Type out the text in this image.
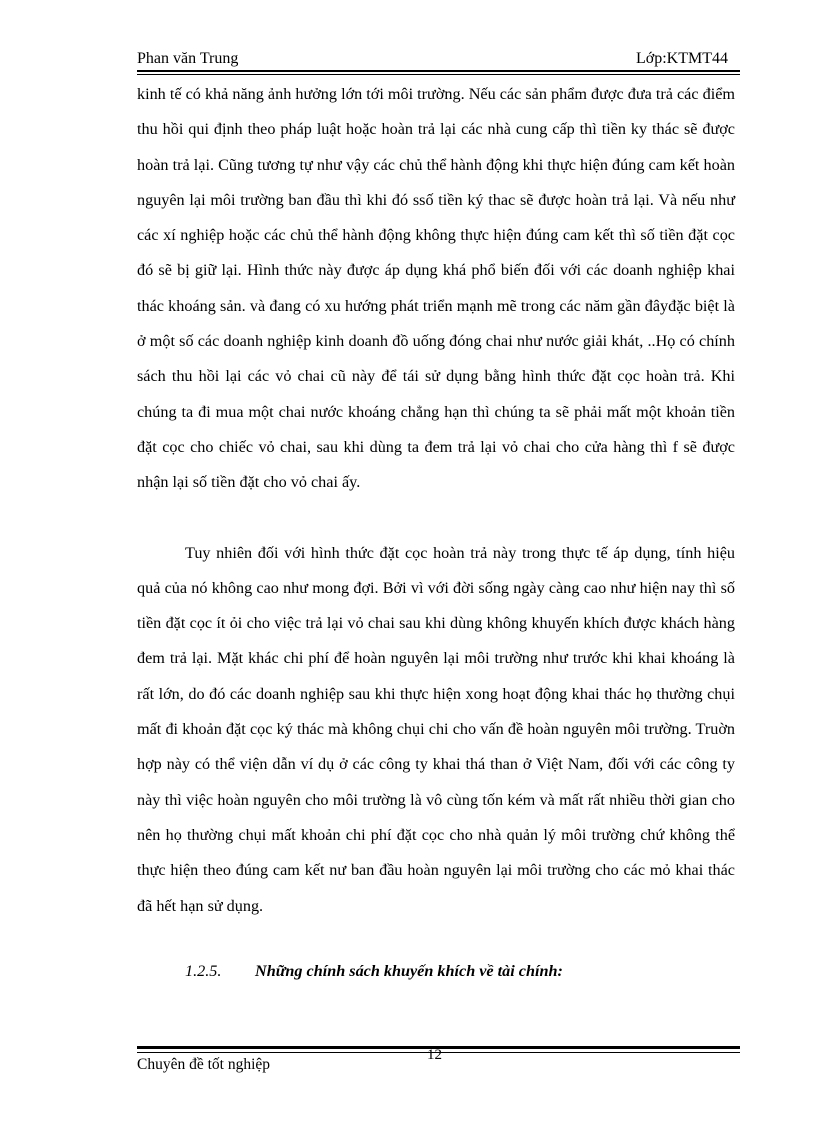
Phan văn Trung	Lớp:KTMT44

kinh tế có khả năng ảnh hưởng lớn tới môi trường. Nếu các sản phẩm được đưa trả các điểm thu hồi qui định theo pháp luật hoặc hoàn trả lại các nhà cung cấp thì tiền ky thác sẽ được hoàn trả lại. Cũng tương tự như vậy các chủ thể hành động khi thực hiện đúng cam kết hoàn nguyên lại môi trường ban đầu thì khi đó ssố tiền ký thac sẽ được hoàn trả lại. Và nếu như các xí nghiệp hoặc các chủ thể hành động không thực hiện đúng cam kết thì số tiền đặt cọc đó sẽ bị giữ lại. Hình thức này được áp dụng khá phổ biến đối với các doanh nghiệp khai thác khoáng sản. và đang có xu hướng phát triển mạnh mẽ trong các năm gần đâyđặc biệt là ở một số các doanh nghiệp kinh doanh đồ uống đóng chai như nước giải khát, ..Họ có chính sách thu hồi lại các vỏ chai cũ này để tái sử dụng bằng hình thức đặt cọc hoàn trả. Khi chúng ta đi mua một chai nước khoáng chẳng hạn thì chúng ta sẽ phải mất một khoản tiền đặt cọc cho chiếc vỏ chai, sau khi dùng ta đem trả lại vỏ chai cho cửa hàng thì f sẽ được nhận lại số tiền đặt cho vỏ chai ấy.

Tuy nhiên đối với hình thức đặt cọc hoàn trả này trong thực tế áp dụng, tính hiệu quả của nó không cao như mong đợi. Bởi vì với đời sống ngày càng cao như hiện nay thì số tiền đặt cọc ít ỏi cho việc trả lại vỏ chai sau khi dùng không khuyến khích được khách hàng đem trả lại. Mặt khác chi phí để hoàn nguyên lại môi trường như trước khi khai khoáng là rất lớn, do đó các doanh nghiệp sau khi thực hiện xong hoạt động khai thác họ thường chụi mất đi khoản đặt cọc ký thác mà không chụi chi cho vấn đề hoàn nguyên môi trường. Truờn hợp này có thể viện dẫn ví dụ ở các công ty khai thá than ở Việt Nam, đối với các công ty này thì việc hoàn nguyên cho môi trường là vô cùng tốn kém và mất rất nhiều thời gian cho nên họ thường chụi mất khoản chi phí đặt cọc cho nhà quản lý môi trường chứ không thể thực hiện theo đúng cam kết nư ban đầu hoàn nguyên lại môi trường cho các mỏ khai thác đã hết hạn sử dụng.

1.2.5. Những chính sách khuyến khích về tài chính:
12
Chuyên đề tốt nghiệp
